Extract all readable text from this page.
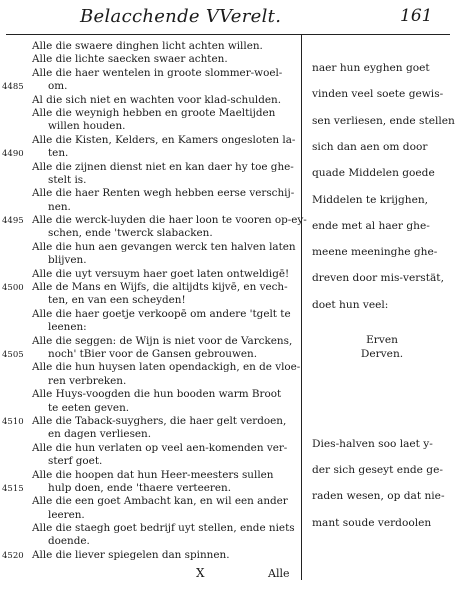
Belacchende VVerelt.	161
Alle die swaere dinghen licht achten willen.
Alle die lichte saecken swaer achten.
Alle die haer wentelen in groote slommer-woel-
4485 om.
Al die sich niet en wachten voor klad-schulden.
Alle die weynigh hebben en groote Maeltijden
willen houden.
Alle die Kisten, Kelders, en Kamers ongesloten la-
4490 ten.
Alle die zijnen dienst niet en kan daer hy toe ghe-
stelt is.
Alle die haer Renten wegh hebben eerse verschij-
nen.
4495 Alle die werck-luyden die haer loon te vooren op-ey-
schen, ende 'twerck slabacken.
Alle die hun aen gevangen werck ten halven laten
blijven.
Alle die uyt versuym haer goet laten ontweldigē!
4500 Alle de Mans en Wijfs, die altijdts kijvē, en vech-
ten, en van een scheyden!
Alle die haer goetje verkoopē om andere 'tgelt te
leenen:
Alle die seggen: de Wijn is niet voor de Varckens,
4505 noch' tBier voor de Gansen gebrouwen.
Alle die hun huysen laten opendackigh, en de vloe-
ren verbreken.
Alle Huys-voogden die hun booden warm Broot
te eeten geven.
4510 Alle die Taback-suyghers, die haer gelt verdoen,
en dagen verliesen.
Alle die hun verlaten op veel aen-komenden ver-
sterf goet.
Alle die hoopen dat hun Heer-meesters sullen
4515 hulp doen, ende 'thaere verteeren.
Alle die een goet Ambacht kan, en wil een ander
leeren.
Alle die staegh goet bedrijf uyt stellen, ende niets
doende.
4520 Alle die liever spiegelen dan spinnen.
naer hun eyghen goet
vinden veel soete gewis-
sen verliesen, ende stellen
sich dan aen om door
quade Middelen goede
Middelen te krijghen,
ende met al haer ghe-
meene meeninghe ghe-
dreven door mis-verstät,
doet hun veel:
Erven
Derven.
Dies-halven soo laet y-
der sich geseyt ende ge-
raden wesen, op dat nie-
mant soude verdoolen
X	Alle
